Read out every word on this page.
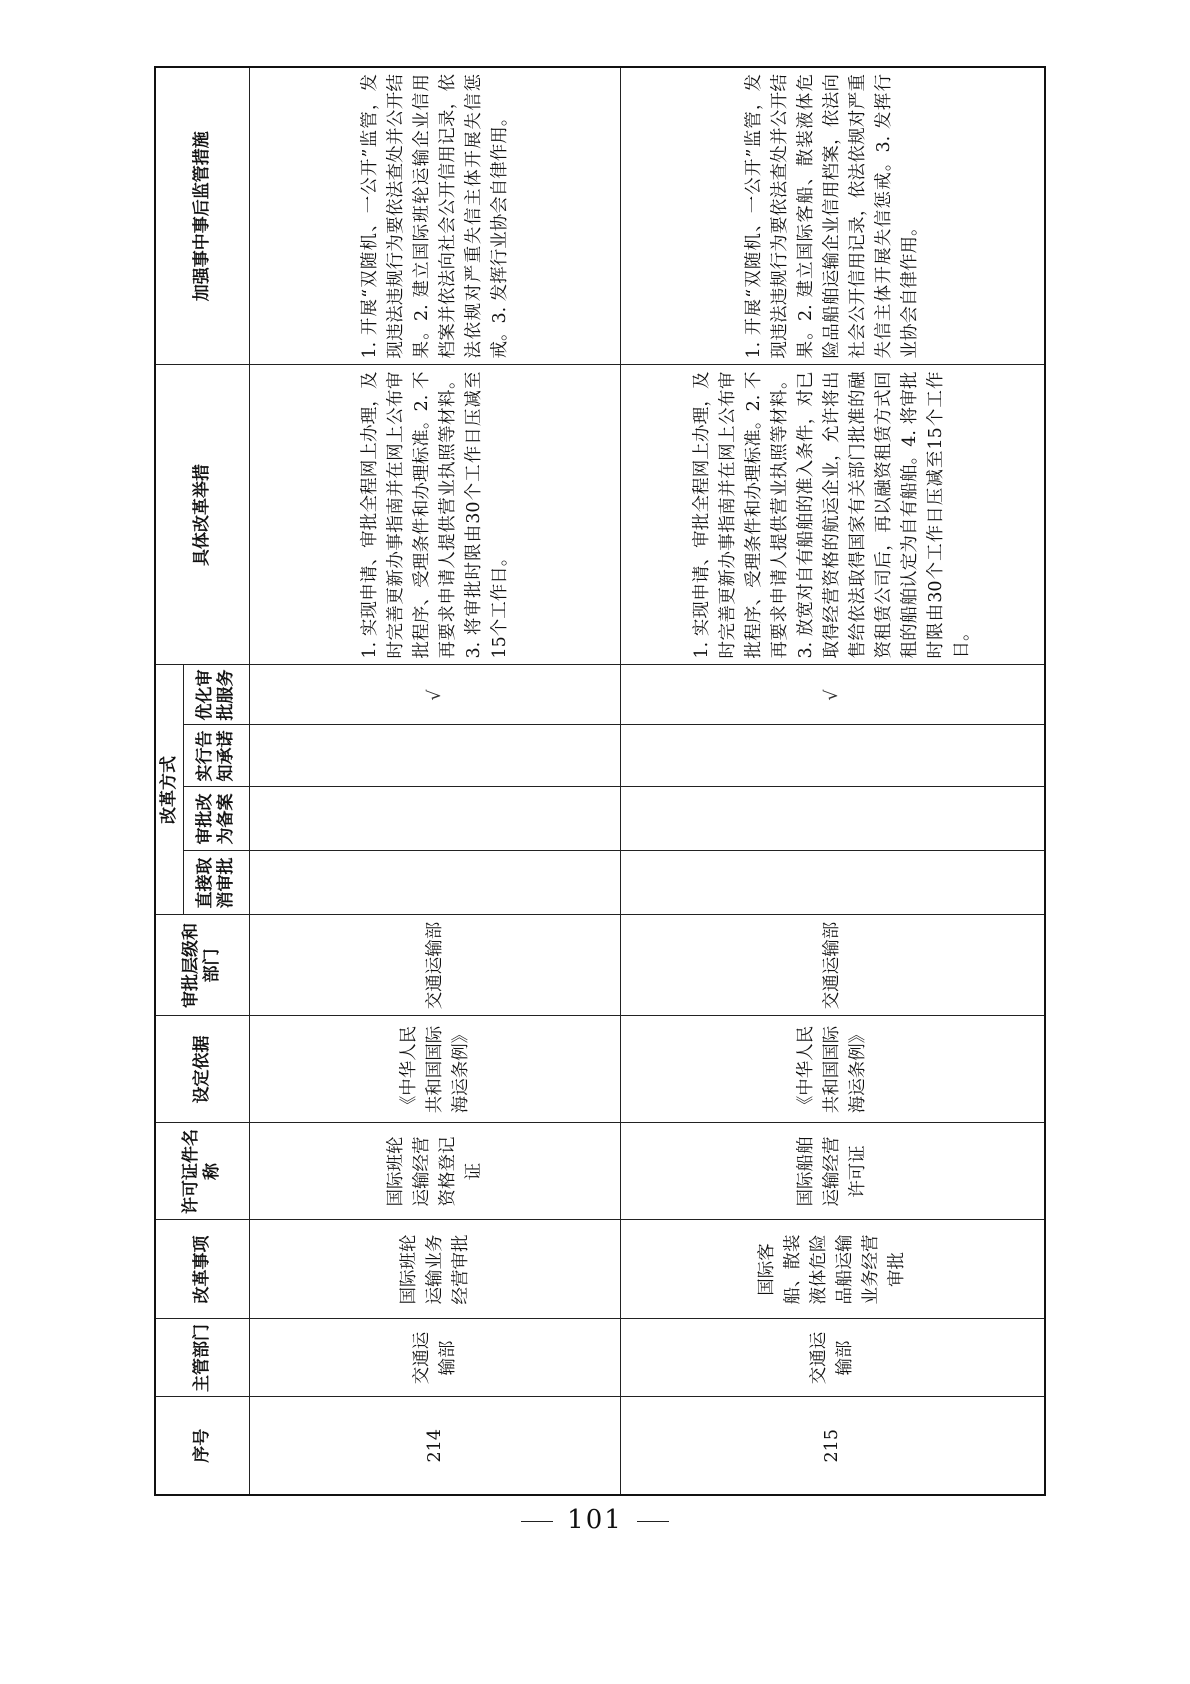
序号	主管部门	改革事项	许可证件名称	设定依据	审批层级和部门	改革方式				具体改革举措	加强事中事后监管措施
						直接取消审批	审批改为备案	实行告知承诺	优化审批服务		
214	交通运输部	国际班轮运输业务经营审批	国际班轮运输经营资格登记证	《中华人民共和国国际海运条例》	交通运输部				√	1. 实现申请、审批全程网上办理，及时完善更新办事指南并在网上公布审批程序、受理条件和办理标准。2. 不再要求申请人提供营业执照等材料。3. 将审批时限由30个工作日压减至15个工作日。	1. 开展“双随机、一公开”监管，发现违法违规行为要依法查处并公开结果。2. 建立国际班轮运输企业信用档案并依法向社会公开信用记录，依法依规对严重失信主体开展失信惩戒。3. 发挥行业协会自律作用。
215	交通运输部	国际客船、散装液体危险品船运输业务经营审批	国际船舶运输经营许可证	《中华人民共和国国际海运条例》	交通运输部				√	1. 实现申请、审批全程网上办理，及时完善更新办事指南并在网上公布审批程序、受理条件和办理标准。2. 不再要求申请人提供营业执照等材料。3. 放宽对自有船舶的准入条件，对已取得经营资格的航运企业，允许将出售给依法取得国家有关部门批准的融资租赁公司后，再以融资租赁方式回租的船舶认定为自有船舶。4. 将审批时限由30个工作日压减至15个工作日。	1. 开展“双随机、一公开”监管，发现违法违规行为要依法查处并公开结果。2. 建立国际客船、散装液体危险品船舶运输企业信用档案，依法向社会公开信用记录，依法依规对严重失信主体开展失信惩戒。3. 发挥行业协会自律作用。
101
